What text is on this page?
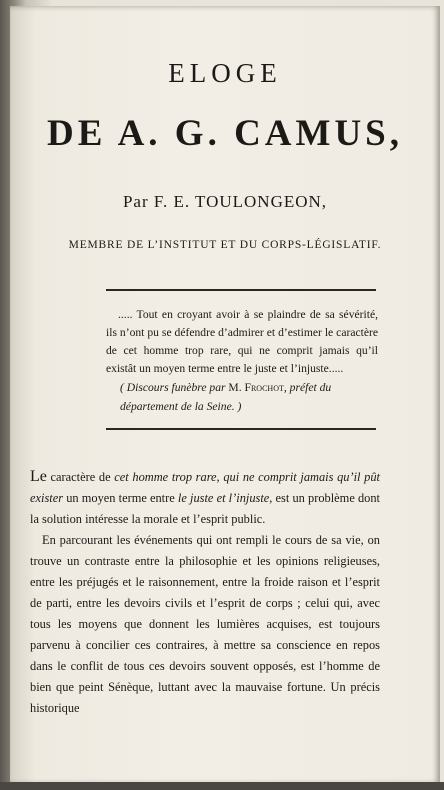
ELOGE
DE A. G. CAMUS,
Par F. E. TOULONGEON,
MEMBRE DE L’INSTITUT ET DU CORPS-LÉGISLATIF.

..... Tout en croyant avoir à se plaindre de sa sévérité, ils n’ont pu se défendre d’admirer et d’estimer le caractère de cet homme trop rare, qui ne comprit jamais qu’il existât un moyen terme entre le juste et l’injuste.....

( Discours funèbre par M. Frochot, préfet du département de la Seine. )

Le caractère de cet homme trop rare, qui ne comprit jamais qu’il pût exister un moyen terme entre le juste et l’injuste, est un problème dont la solution intéresse la morale et l’esprit public.

En parcourant les événements qui ont rempli le cours de sa vie, on trouve un contraste entre la philosophie et les opinions religieuses, entre les préjugés et le raisonnement, entre la froide raison et l’esprit de parti, entre les devoirs civils et l’esprit de corps ; celui qui, avec tous les moyens que donnent les lumières acquises, est toujours parvenu à concilier ces contraires, à mettre sa conscience en repos dans le conflit de tous ces devoirs souvent opposés, est l’homme de bien que peint Sénèque, luttant avec la mauvaise fortune. Un précis historique
